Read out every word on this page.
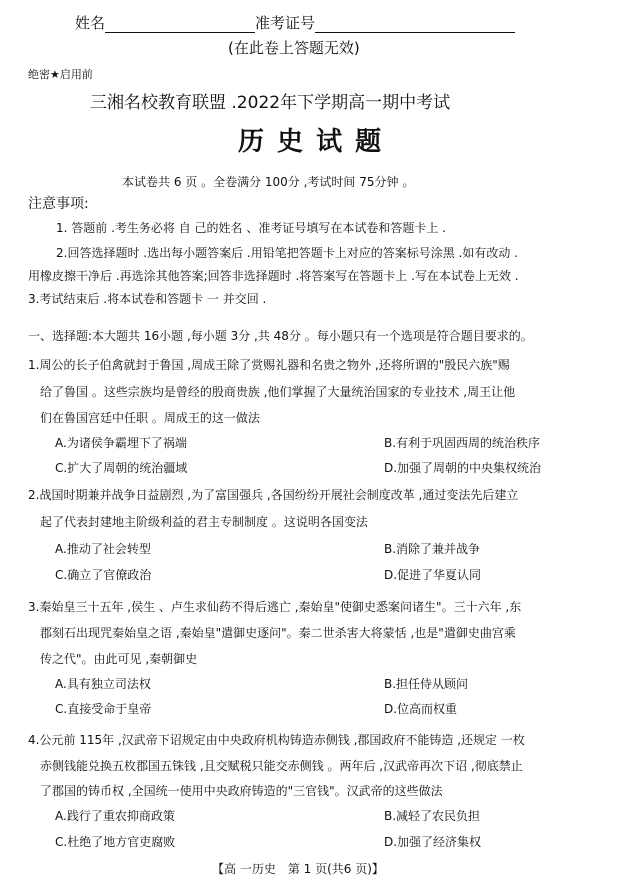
姓名	准考证号
(在此卷上答题无效)
绝密★启用前
三湘名校教育联盟 .2022年下学期高一期中考试
历 史 试 题
本试卷共 6 页 。全卷满分 100分 ,考试时间 75分钟 。
注意事项:
1. 答题前 .考生务必将 自 己的姓名 、准考证号填写在本试卷和答题卡上 .
2.回答选择题时 .选出每小题答案后 .用铅笔把答题卡上对应的答案标号涂黑 .如有改动 .
用橡皮擦干净后 .再选涂其他答案;回答非选择题时 .将答案写在答题卡上 .写在本试卷上无效 .
3.考试结束后 .将本试卷和答题卡 一 并交回 .
一、选择题:本大题共 16小题 ,每小题 3分 ,共 48分 。每小题只有一个选项是符合题目要求的。
1.周公的长子伯禽就封于鲁国 ,周成王除了赏赐礼器和名贵之物外 ,还将所谓的"殷民六族"赐
给了鲁国 。这些宗族均是曾经的殷商贵族 ,他们掌握了大量统治国家的专业技术 ,周王让他
们在鲁国宫廷中任职 。周成王的这一做法
A.为诸侯争霸埋下了祸端	B.有利于巩固西周的统治秩序
C.扩大了周朝的统治疆域	D.加强了周朝的中央集权统治
2.战国时期兼并战争日益剧烈 ,为了富国强兵 ,各国纷纷开展社会制度改革 ,通过变法先后建立
起了代表封建地主阶级利益的君主专制制度 。这说明各国变法
A.推动了社会转型	B.消除了兼并战争
C.确立了官僚政治	D.促进了华夏认同
3.秦始皇三十五年 ,侯生 、卢生求仙药不得后逃亡 ,秦始皇"使御史悉案问诸生"。三十六年 ,东
郡刻石出现咒秦始皇之语 ,秦始皇"遣御史逐问"。秦二世杀害大将蒙恬 ,也是"遣御史曲宫乘
传之代"。由此可见 ,秦朝御史
A.具有独立司法权	B.担任侍从顾问
C.直接受命于皇帝	D.位高而权重
4.公元前 115年 ,汉武帝下诏规定由中央政府机构铸造赤侧钱 ,郡国政府不能铸造 ,还规定 一枚
赤侧钱能兑换五枚郡国五铢钱 ,且交赋税只能交赤侧钱 。两年后 ,汉武帝再次下诏 ,彻底禁止
了郡国的铸币权 ,全国统一使用中央政府铸造的"三官钱"。汉武帝的这些做法
A.践行了重农抑商政策	B.减轻了农民负担
C.杜绝了地方官吏腐败	D.加强了经济集权
【高 一历史　第 1 页(共6 页)】
